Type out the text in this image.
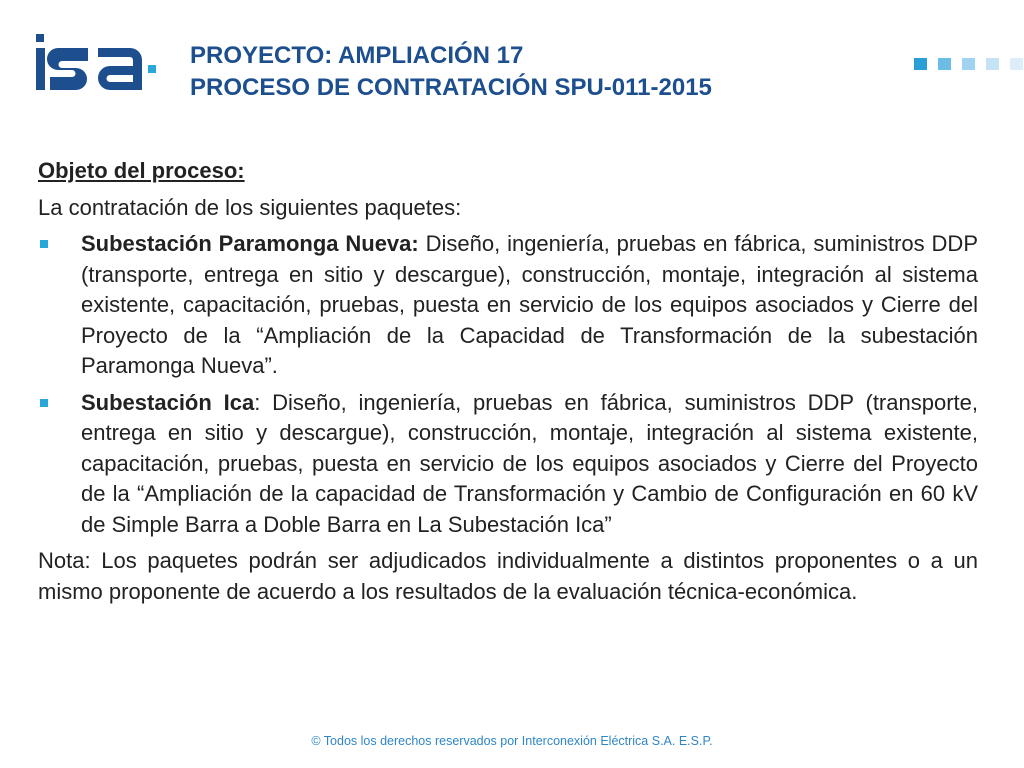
PROYECTO: AMPLIACIÓN 17
PROCESO DE CONTRATACIÓN SPU-011-2015
Objeto del proceso:
La contratación de los siguientes paquetes:
Subestación Paramonga Nueva: Diseño, ingeniería, pruebas en fábrica, suministros DDP (transporte, entrega en sitio y descargue), construcción, montaje, integración al sistema existente, capacitación, pruebas, puesta en servicio de los equipos asociados y Cierre del Proyecto de la “Ampliación de la Capacidad de Transformación de la subestación Paramonga Nueva”.
Subestación Ica: Diseño, ingeniería, pruebas en fábrica, suministros DDP (transporte, entrega en sitio y descargue), construcción, montaje, integración al sistema existente, capacitación, pruebas, puesta en servicio de los equipos asociados y Cierre del Proyecto de la “Ampliación de la capacidad de Transformación y Cambio de Configuración en 60 kV de Simple Barra a Doble Barra en La Subestación Ica”
Nota: Los paquetes podrán ser adjudicados individualmente a distintos proponentes o a un mismo proponente de acuerdo a los resultados de la evaluación técnica-económica.
© Todos los derechos reservados por Interconexión Eléctrica S.A. E.S.P.
